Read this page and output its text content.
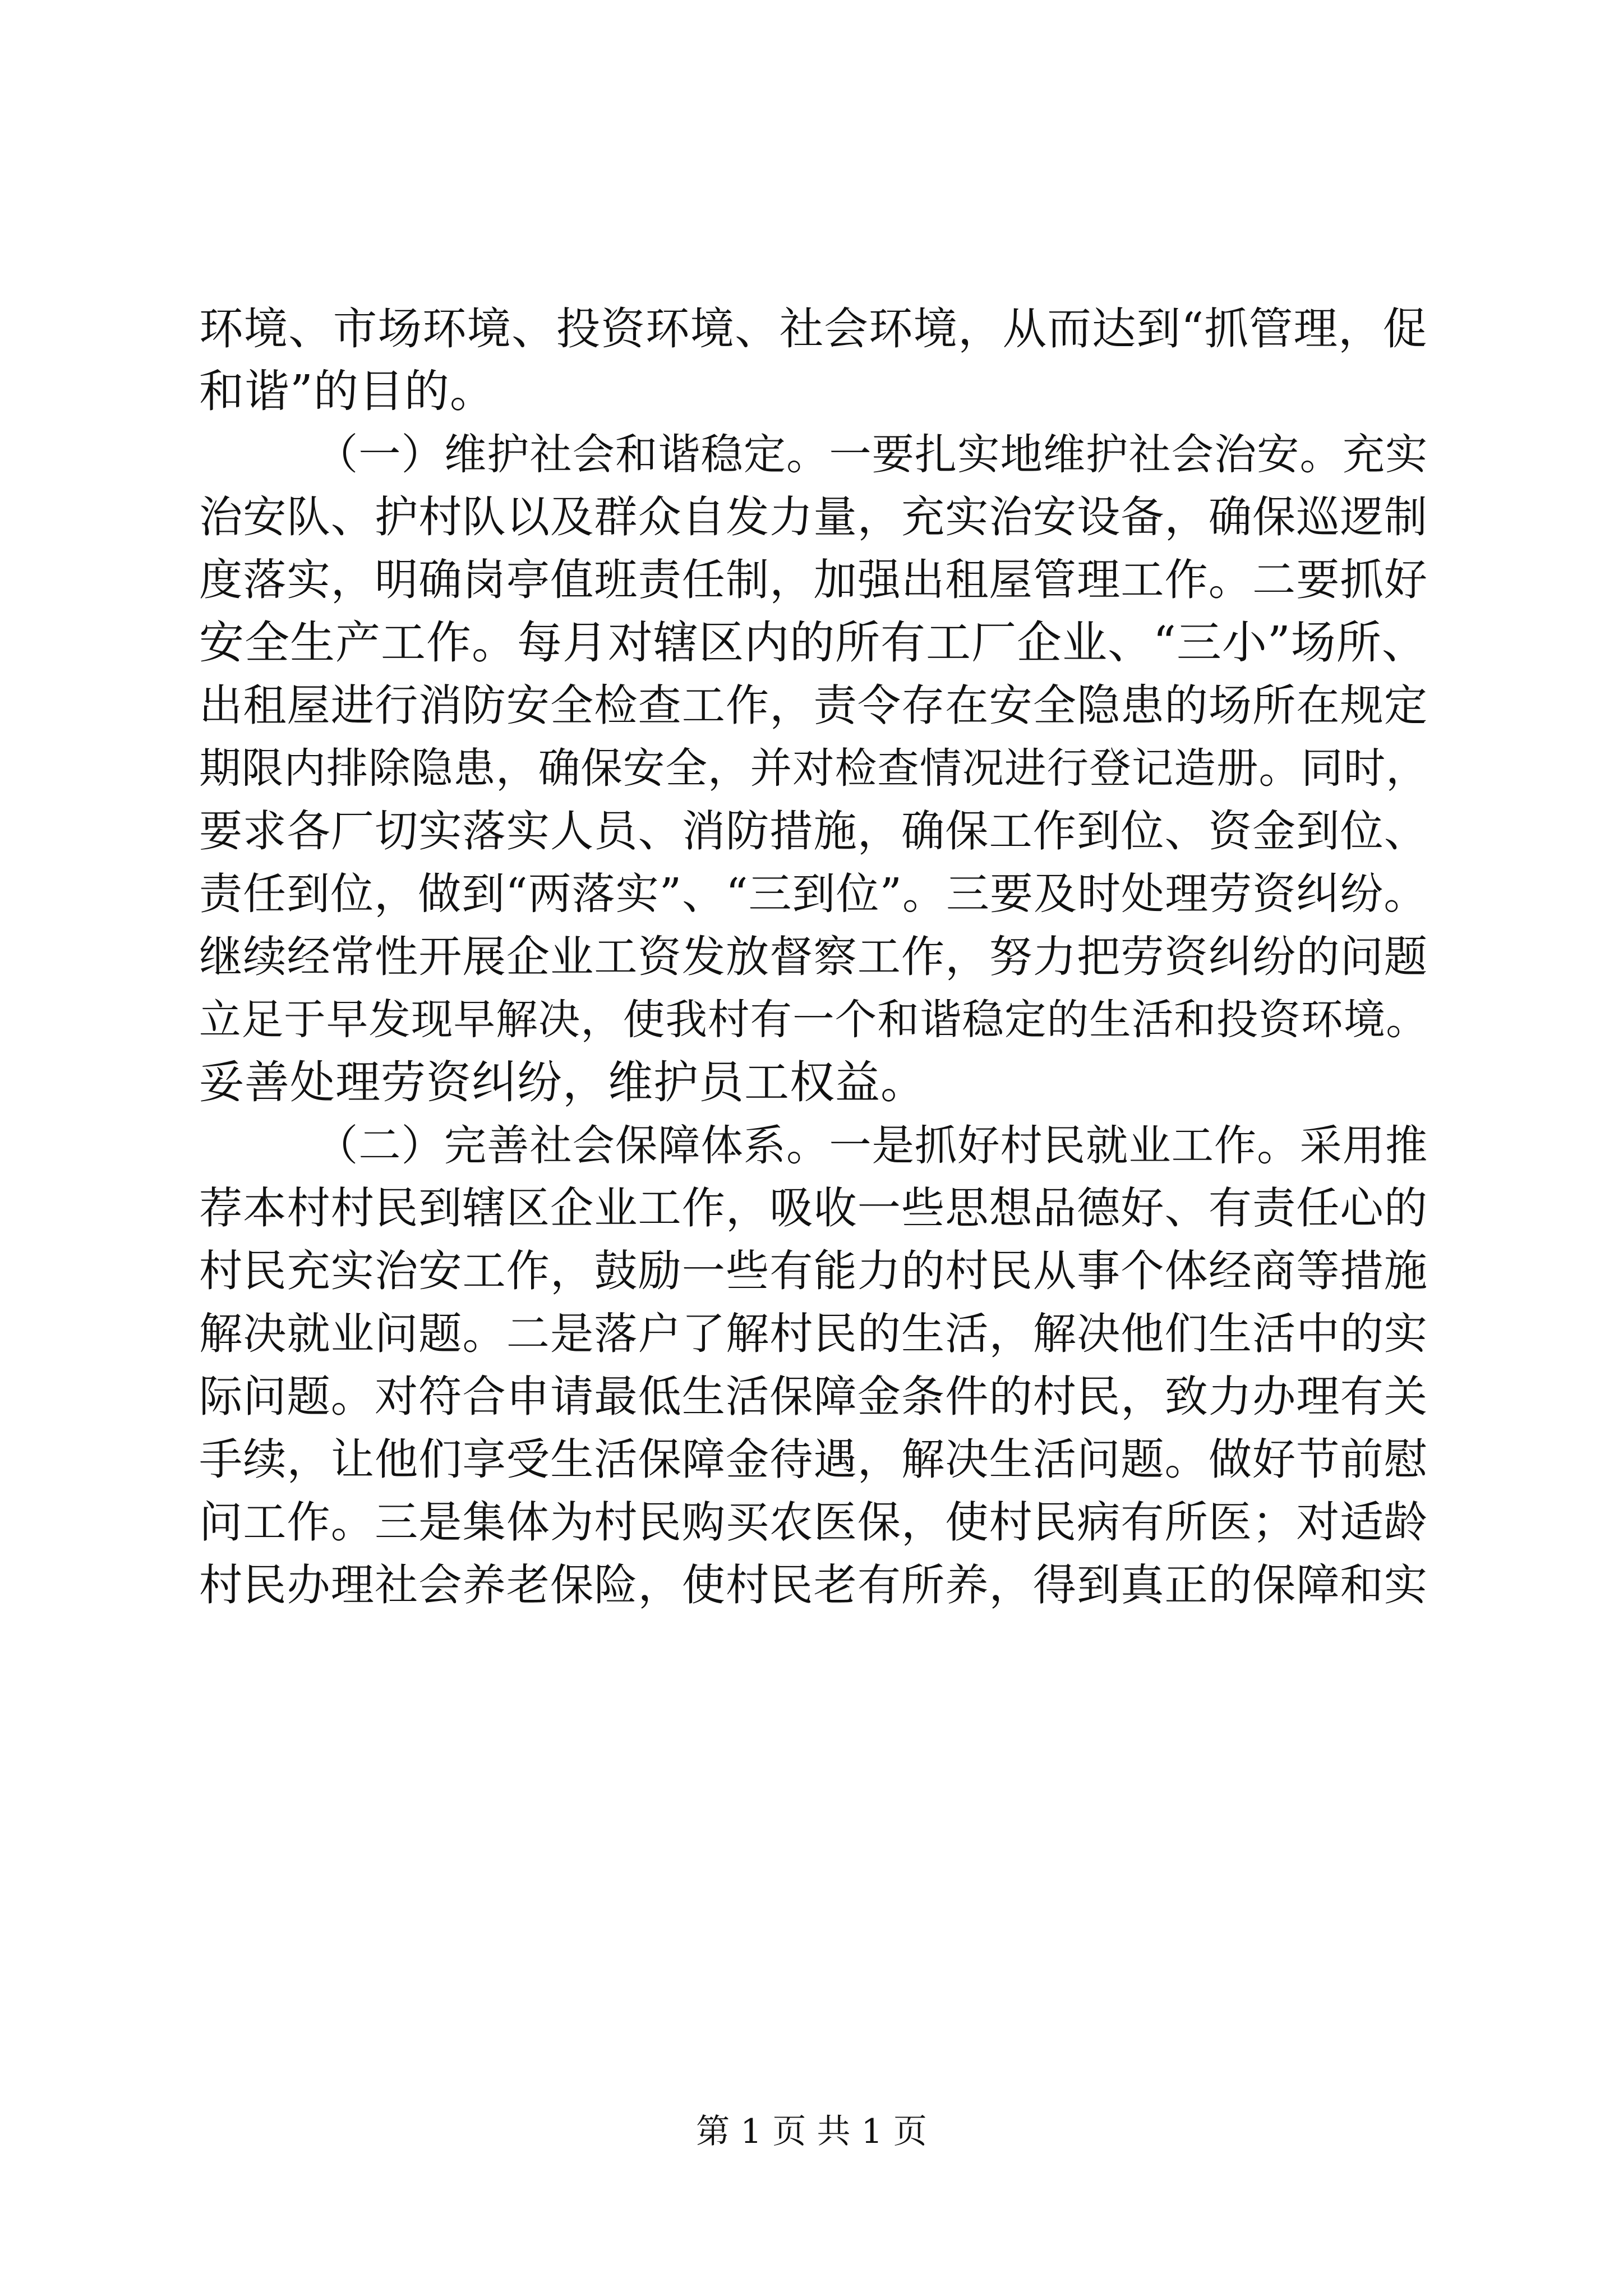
环境、市场环境、投资环境、社会环境，从而达到“抓管理，促
和谐”的目的。
（一）维护社会和谐稳定。一要扎实地维护社会治安。充实
治安队、护村队以及群众自发力量，充实治安设备，确保巡逻制
度落实，明确岗亭值班责任制，加强出租屋管理工作。二要抓好
安全生产工作。每月对辖区内的所有工厂企业、“三小”场所、
出租屋进行消防安全检查工作，责令存在安全隐患的场所在规定
期限内排除隐患，确保安全，并对检查情况进行登记造册。同时，
要求各厂切实落实人员、消防措施，确保工作到位、资金到位、
责任到位，做到“两落实”、“三到位”。三要及时处理劳资纠纷。
继续经常性开展企业工资发放督察工作，努力把劳资纠纷的问题
立足于早发现早解决，使我村有一个和谐稳定的生活和投资环境。
妥善处理劳资纠纷，维护员工权益。
（二）完善社会保障体系。一是抓好村民就业工作。采用推
荐本村村民到辖区企业工作，吸收一些思想品德好、有责任心的
村民充实治安工作，鼓励一些有能力的村民从事个体经商等措施
解决就业问题。二是落户了解村民的生活，解决他们生活中的实
际问题。对符合申请最低生活保障金条件的村民，致力办理有关
手续，让他们享受生活保障金待遇，解决生活问题。做好节前慰
问工作。三是集体为村民购买农医保，使村民病有所医；对适龄
村民办理社会养老保险，使村民老有所养，得到真正的保障和实
第 1 页 共 1 页
